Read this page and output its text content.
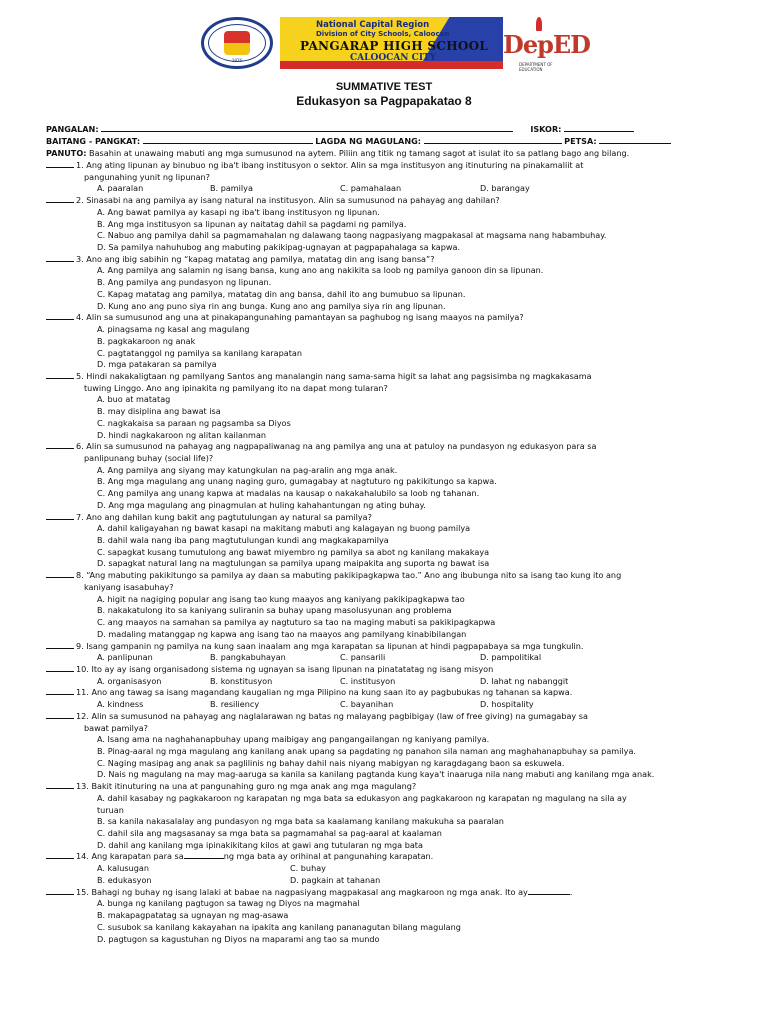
1976
National Capital Region
Division of City Schools, Caloocan
PANGARAP HIGH SCHOOL
CALOOCAN CITY	DepED
DEPARTMENT OF EDUCATION
SUMMATIVE TEST
Edukasyon sa Pagpapakatao 8
PANGALAN:	ISKOR:
BAITANG - PANGKAT:	LAGDA NG MAGULANG:	PETSA:
PANUTO: Basahin at unawaing mabuti ang mga sumusunod na aytem. Piliin ang titik ng tamang sagot at isulat ito sa patlang bago ang bilang.
1. Ang ating lipunan ay binubuo ng iba't ibang institusyon o sektor. Alin sa mga institusyon ang itinuturing na pinakamaliit at
pangunahing yunit ng lipunan?
A. paaralan	B. pamilya	C. pamahalaan	D. barangay
2. Sinasabi na ang pamilya ay isang natural na institusyon. Alin sa sumusunod na pahayag ang dahilan?
A. Ang bawat pamilya ay kasapi ng iba't ibang institusyon ng lipunan.
B. Ang mga institusyon sa lipunan ay naitatag dahil sa pagdami ng pamilya.
C. Nabuo ang pamilya dahil sa pagmamahalan ng dalawang taong nagpasiyang magpakasal at magsama nang habambuhay.
D. Sa pamilya nahuhubog ang mabuting pakikipag-ugnayan at pagpapahalaga sa kapwa.
3. Ano ang ibig sabihin ng “kapag matatag ang pamilya, matatag din ang isang bansa”?
A. Ang pamilya ang salamin ng isang bansa, kung ano ang nakikita sa loob ng pamilya ganoon din sa lipunan.
B. Ang pamilya ang pundasyon ng lipunan.
C. Kapag matatag ang pamilya, matatag din ang bansa, dahil ito ang bumubuo sa lipunan.
D. Kung ano ang puno siya rin ang bunga. Kung ano ang pamilya siya rin ang lipunan.
4. Alin sa sumusunod ang una at pinakapangunahing pamantayan sa paghubog ng isang maayos na pamilya?
A. pinagsama ng kasal ang magulang
B. pagkakaroon ng anak
C. pagtatanggol ng pamilya sa kanilang karapatan
D. mga patakaran sa pamilya
5. Hindi nakakaligtaan ng pamilyang Santos ang manalangin nang sama-sama higit sa lahat ang pagsisimba ng magkakasama
tuwing Linggo. Ano ang ipinakita ng pamilyang ito na dapat mong tularan?
A. buo at matatag
B. may disiplina ang bawat isa
C. nagkakaisa sa paraan ng pagsamba sa Diyos
D. hindi nagkakaroon ng alitan kailanman
6. Alin sa sumusunod na pahayag ang nagpapaliwanag na ang pamilya ang una at patuloy na pundasyon ng edukasyon para sa
panlipunang buhay (social life)?
A. Ang pamilya ang siyang may katungkulan na pag-aralin ang mga anak.
B. Ang mga magulang ang unang naging guro, gumagabay at nagtuturo ng pakikitungo sa kapwa.
C. Ang pamilya ang unang kapwa at madalas na kausap o nakakahalubilo sa loob ng tahanan.
D. Ang mga magulang ang pinagmulan at huling kahahantungan ng ating buhay.
7. Ano ang dahilan kung bakit ang pagtutulungan ay natural sa pamilya?
A. dahil kaligayahan ng bawat kasapi na makitang mabuti ang kalagayan ng buong pamilya
B. dahil wala nang iba pang magtutulungan kundi ang magkakapamilya
C. sapagkat kusang tumutulong ang bawat miyembro ng pamilya sa abot ng kanilang makakaya
D. sapagkat natural lang na magtulungan sa pamilya upang maipakita ang suporta ng bawat isa
8. “Ang mabuting pakikitungo sa pamilya ay daan sa mabuting pakikipagkapwa tao.” Ano ang ibubunga nito sa isang tao kung ito ang
kaniyang isasabuhay?
A. higit na nagiging popular ang isang tao kung maayos ang kaniyang pakikipagkapwa tao
B. nakakatulong ito sa kaniyang suliranin sa buhay upang masolusyunan ang problema
C. ang maayos na samahan sa pamilya ay nagtuturo sa tao na maging mabuti sa pakikipagkapwa
D. madaling matanggap ng kapwa ang isang tao na maayos ang pamilyang kinabibilangan
9. Isang gampanin ng pamilya na kung saan inaalam ang mga karapatan sa lipunan at hindi pagpapabaya sa mga tungkulin.
A. panlipunan	B. pangkabuhayan	C. pansarili	D. pampolitikal
10. Ito ay ay isang organisadong sistema ng ugnayan sa isang lipunan na pinatatatag ng isang misyon
A. organisasyon	B. konstitusyon	C. institusyon	D. lahat ng nabanggit
11. Ano ang tawag sa isang magandang kaugalian ng mga Pilipino na kung saan ito ay pagbubukas ng tahanan sa kapwa.
A. kindness	B. resiliency	C. bayanihan	D. hospitality
12. Alin sa sumusunod na pahayag ang naglalarawan ng batas ng malayang pagbibigay (law of free giving) na gumagabay sa
bawat pamilya?
A. Isang ama na naghahanapbuhay upang maibigay ang pangangailangan ng kaniyang pamilya.
B. Pinag-aaral ng mga magulang ang kanilang anak upang sa pagdating ng panahon sila naman ang maghahanapbuhay sa pamilya.
C. Naging masipag ang anak sa paglilinis ng bahay dahil nais niyang mabigyan ng karagdagang baon sa eskuwela.
D. Nais ng magulang na may mag-aaruga sa kanila sa kanilang pagtanda kung kaya't inaaruga nila nang mabuti ang kanilang mga anak.
13. Bakit itinuturing na una at pangunahing guro ng mga anak ang mga magulang?
A. dahil kasabay ng pagkakaroon ng karapatan ng mga bata sa edukasyon ang pagkakaroon ng karapatan ng magulang na sila ay
turuan
B. sa kanila nakasalalay ang pundasyon ng mga bata sa kaalamang kanilang makukuha sa paaralan
C. dahil sila ang magsasanay sa mga bata sa pagmamahal sa pag-aaral at kaalaman
D. dahil ang kanilang mga ipinakikitang kilos at gawi ang tutularan ng mga bata
14. Ang karapatan para sa	ng mga bata ay orihinal at pangunahing karapatan.
A. kalusugan	C. buhay
B. edukasyon	D. pagkain at tahanan
15. Bahagi ng buhay ng isang lalaki at babae na nagpasiyang magpakasal ang magkaroon ng mga anak. Ito ay	.
A. bunga ng kanilang pagtugon sa tawag ng Diyos na magmahal
B. makapagpatatag sa ugnayan ng mag-asawa
C. susubok sa kanilang kakayahan na ipakita ang kanilang pananagutan bilang magulang
D. pagtugon sa kagustuhan ng Diyos na maparami ang tao sa mundo
